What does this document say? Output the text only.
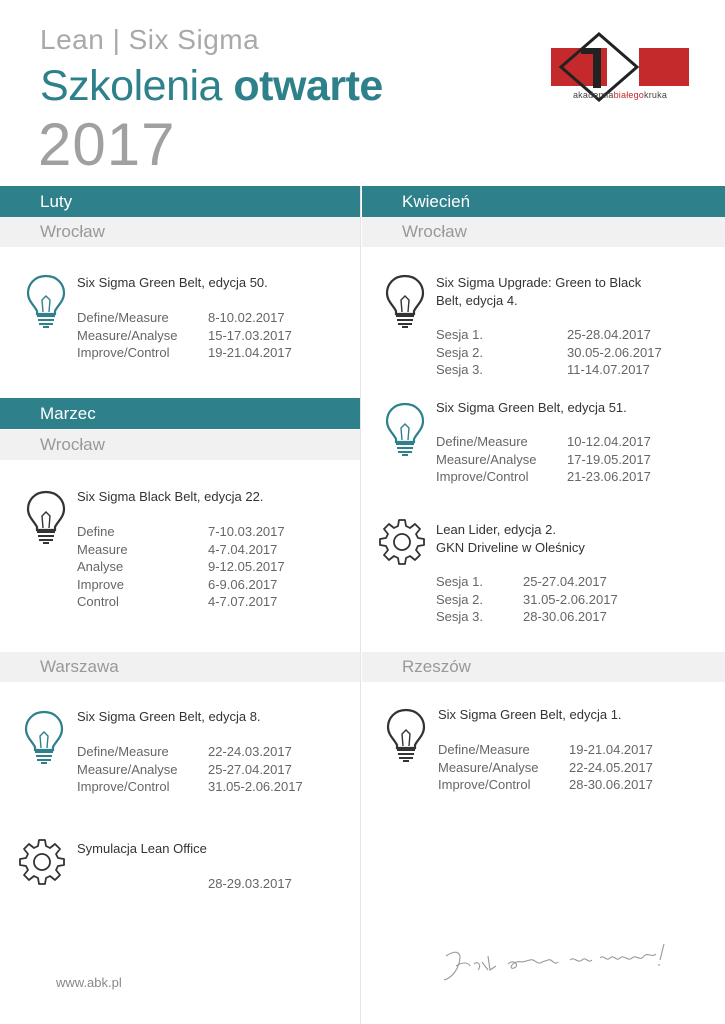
Lean | Six Sigma
Szkolenia otwarte
2017
akademiabiałegokruka
Luty
Wrocław
Kwiecień
Wrocław
Marzec
Wrocław
Warszawa	Rzeszów
Six Sigma Green Belt, edycja 50.
Define/Measure	8-10.02.2017
Measure/Analyse 15-17.03.2017
Improve/Control	19-21.04.2017
Six Sigma Black Belt, edycja 22.
Define	7-10.03.2017
Measure	4-7.04.2017
Analyse	9-12.05.2017
Improve	6-9.06.2017
Control	4-7.07.2017
Six Sigma Upgrade: Green to Black
Belt, edycja 4.
Sesja 1.	25-28.04.2017
Sesja 2.	30.05-2.06.2017
Sesja 3.	11-14.07.2017
Six Sigma Green Belt, edycja 51.
Define/Measure	10-12.04.2017
Measure/Analyse 17-19.05.2017
Improve/Control	21-23.06.2017
Lean Lider, edycja 2.
GKN Driveline w Oleśnicy
Sesja 1.	25-27.04.2017
Sesja 2.	31.05-2.06.2017
Sesja 3.	28-30.06.2017
Six Sigma Green Belt, edycja 8.
Define/Measure	22-24.03.2017
Measure/Analyse 25-27.04.2017
Improve/Control	31.05-2.06.2017
Symulacja Lean Office
28-29.03.2017
Six Sigma Green Belt, edycja 1.
Define/Measure	19-21.04.2017
Measure/Analyse 22-24.05.2017
Improve/Control	28-30.06.2017
www.abk.pl
